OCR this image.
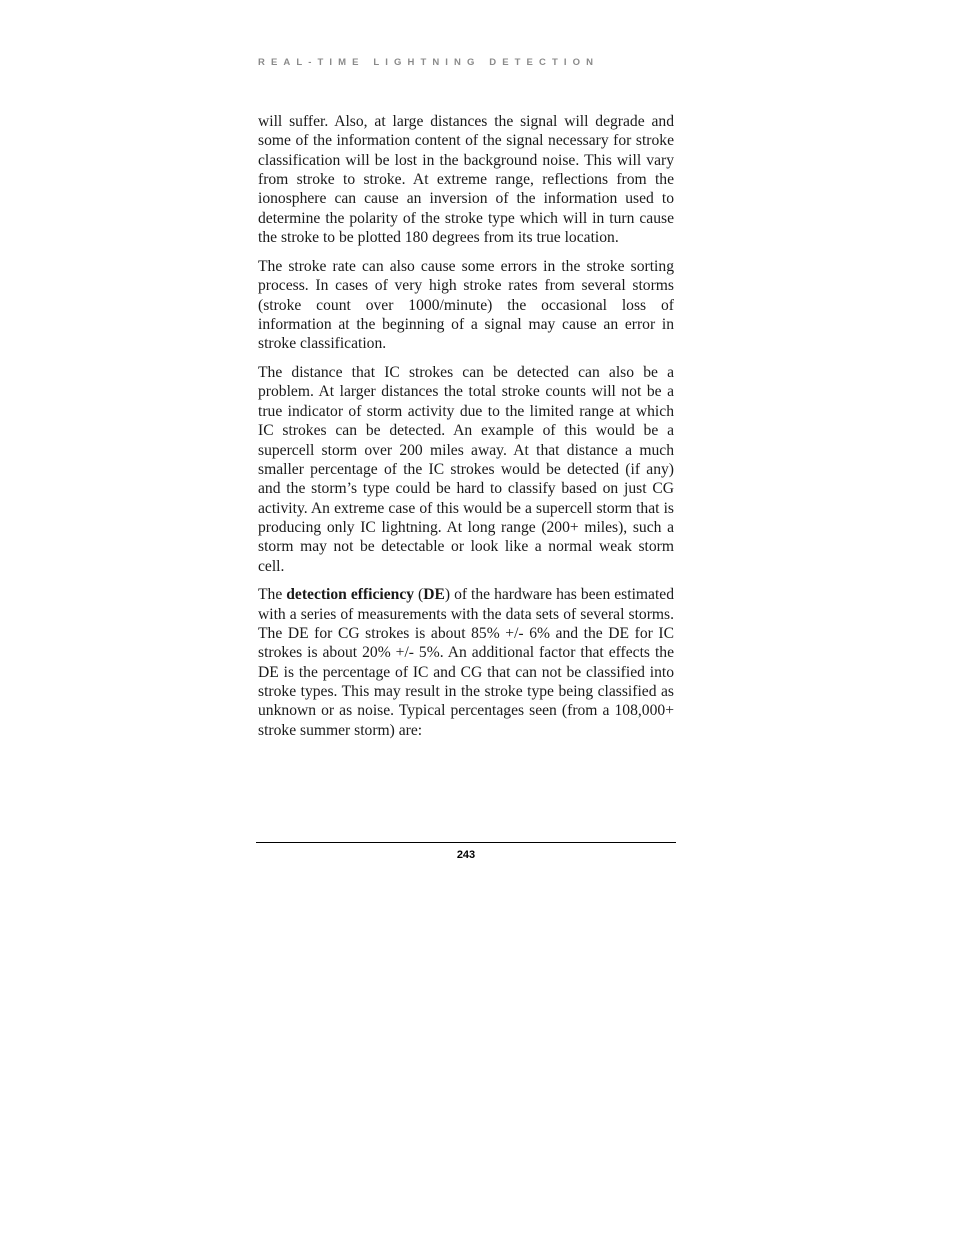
REAL-TIME LIGHTNING DETECTION

will suffer. Also, at large distances the signal will degrade and some of the information content of the signal necessary for stroke classification will be lost in the background noise. This will vary from stroke to stroke. At extreme range, reflections from the ionosphere can cause an inversion of the information used to determine the polarity of the stroke type which will in turn cause the stroke to be plotted 180 degrees from its true location.

The stroke rate can also cause some errors in the stroke sorting process. In cases of very high stroke rates from several storms (stroke count over 1000/minute) the occasional loss of information at the beginning of a signal may cause an error in stroke classification.

The distance that IC strokes can be detected can also be a problem. At larger distances the total stroke counts will not be a true indicator of storm activity due to the limited range at which IC strokes can be detected. An example of this would be a supercell storm over 200 miles away. At that distance a much smaller percentage of the IC strokes would be detected (if any) and the storm’s type could be hard to classify based on just CG activity. An extreme case of this would be a supercell storm that is producing only IC lightning. At long range (200+ miles), such a storm may not be detectable or look like a normal weak storm cell.

The detection efficiency (DE) of the hardware has been estimated with a series of measurements with the data sets of several storms. The DE for CG strokes is about 85% +/- 6% and the DE for IC strokes is about 20% +/- 5%. An additional factor that effects the DE is the percentage of IC and CG that can not be classified into stroke types. This may result in the stroke type being classified as unknown or as noise. Typical percentages seen (from a 108,000+ stroke summer storm) are:

243
